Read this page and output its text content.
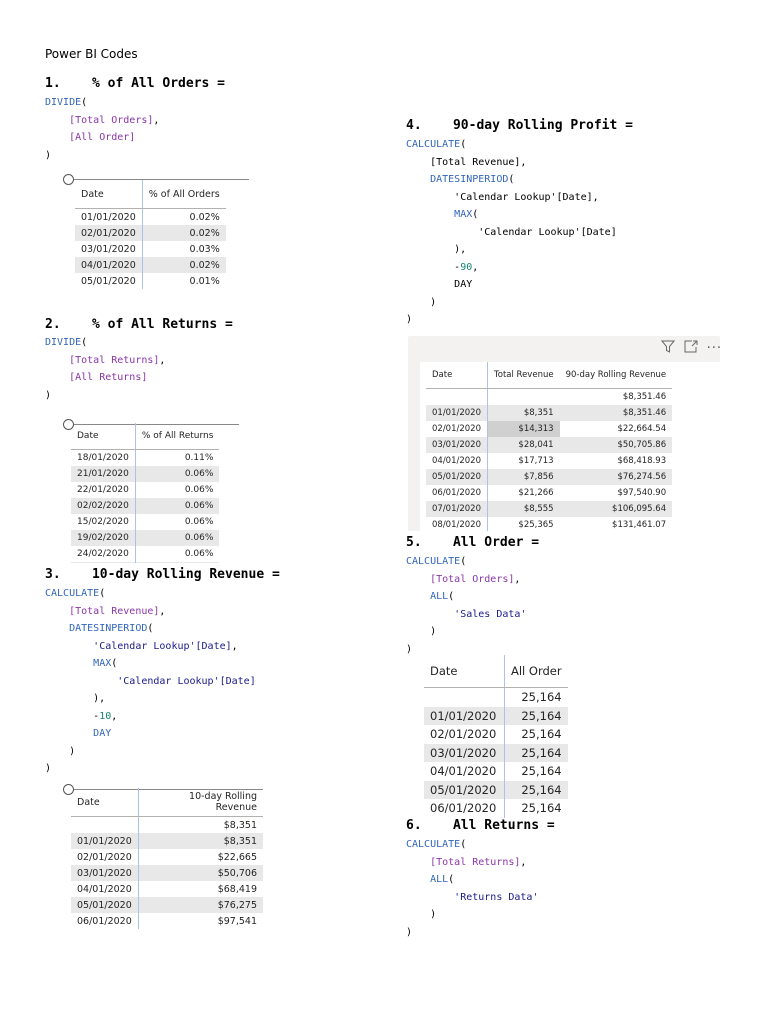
Power BI Codes
1.    % of All Orders =
DIVIDE(
[Total Orders],
[All Order]
)
Date	% of All Orders
01/01/2020	0.02%
02/01/2020	0.02%
03/01/2020	0.03%
04/01/2020	0.02%
05/01/2020	0.01%
2.    % of All Returns =
DIVIDE(
[Total Returns],
[All Returns]
)
Date	% of All Returns
18/01/2020	0.11%
21/01/2020	0.06%
22/01/2020	0.06%
02/02/2020	0.06%
15/02/2020	0.06%
19/02/2020	0.06%
24/02/2020	0.06%

3.    10-day Rolling Revenue =
CALCULATE(
[Total Revenue],
DATESINPERIOD(
'Calendar Lookup'[Date],
MAX(
'Calendar Lookup'[Date]
),
-10,
DAY
)
)
Date	10-day Rolling Revenue
	$8,351
01/01/2020	$8,351
02/01/2020	$22,665
03/01/2020	$50,706
04/01/2020	$68,419
05/01/2020	$76,275
06/01/2020	$97,541
4.    90-day Rolling Profit =
CALCULATE(
[Total Revenue],
DATESINPERIOD(
'Calendar Lookup'[Date],
MAX(
'Calendar Lookup'[Date]
),
-90,
DAY
)
)
···
Date	Total Revenue	90-day Rolling Revenue
		$8,351.46
01/01/2020	$8,351	$8,351.46
02/01/2020	$14,313	$22,664.54
03/01/2020	$28,041	$50,705.86
04/01/2020	$17,713	$68,418.93
05/01/2020	$7,856	$76,274.56
06/01/2020	$21,266	$97,540.90
07/01/2020	$8,555	$106,095.64
08/01/2020	$25,365	$131,461.07

5.    All Order =
CALCULATE(
[Total Orders],
ALL(
'Sales Data'
)
)
Date	All Order
	25,164
01/01/2020	25,164
02/01/2020	25,164
03/01/2020	25,164
04/01/2020	25,164
05/01/2020	25,164
06/01/2020	25,164
6.    All Returns =
CALCULATE(
[Total Returns],
ALL(
'Returns Data'
)
)
